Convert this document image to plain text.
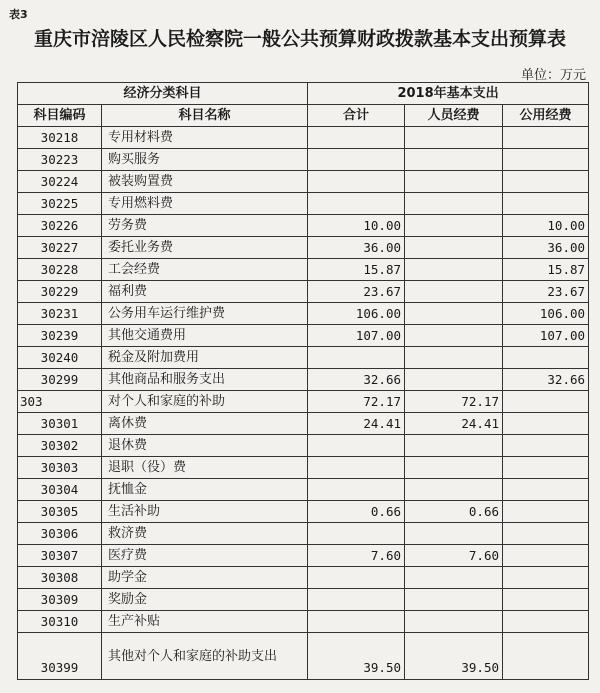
表3
重庆市涪陵区人民检察院一般公共预算财政拨款基本支出预算表
单位：万元
经济分类科目		2018年基本支出		
科目编码	科目名称	合计	人员经费	公用经费
30218	专用材料费			
30223	购买服务			
30224	被装购置费			
30225	专用燃料费			
30226	劳务费	10.00		10.00
30227	委托业务费	36.00		36.00
30228	工会经费	15.87		15.87
30229	福利费	23.67		23.67
30231	公务用车运行维护费	106.00		106.00
30239	其他交通费用	107.00		107.00
30240	税金及附加费用			
30299	其他商品和服务支出	32.66		32.66
303	对个人和家庭的补助	72.17	72.17	
30301	离休费	24.41	24.41	
30302	退休费			
30303	退职（役）费			
30304	抚恤金			
30305	生活补助	0.66	0.66	
30306	救济费			
30307	医疗费	7.60	7.60	
30308	助学金			
30309	奖励金			
30310	生产补贴			
30399	其他对个人和家庭的补助支出	39.50	39.50	
